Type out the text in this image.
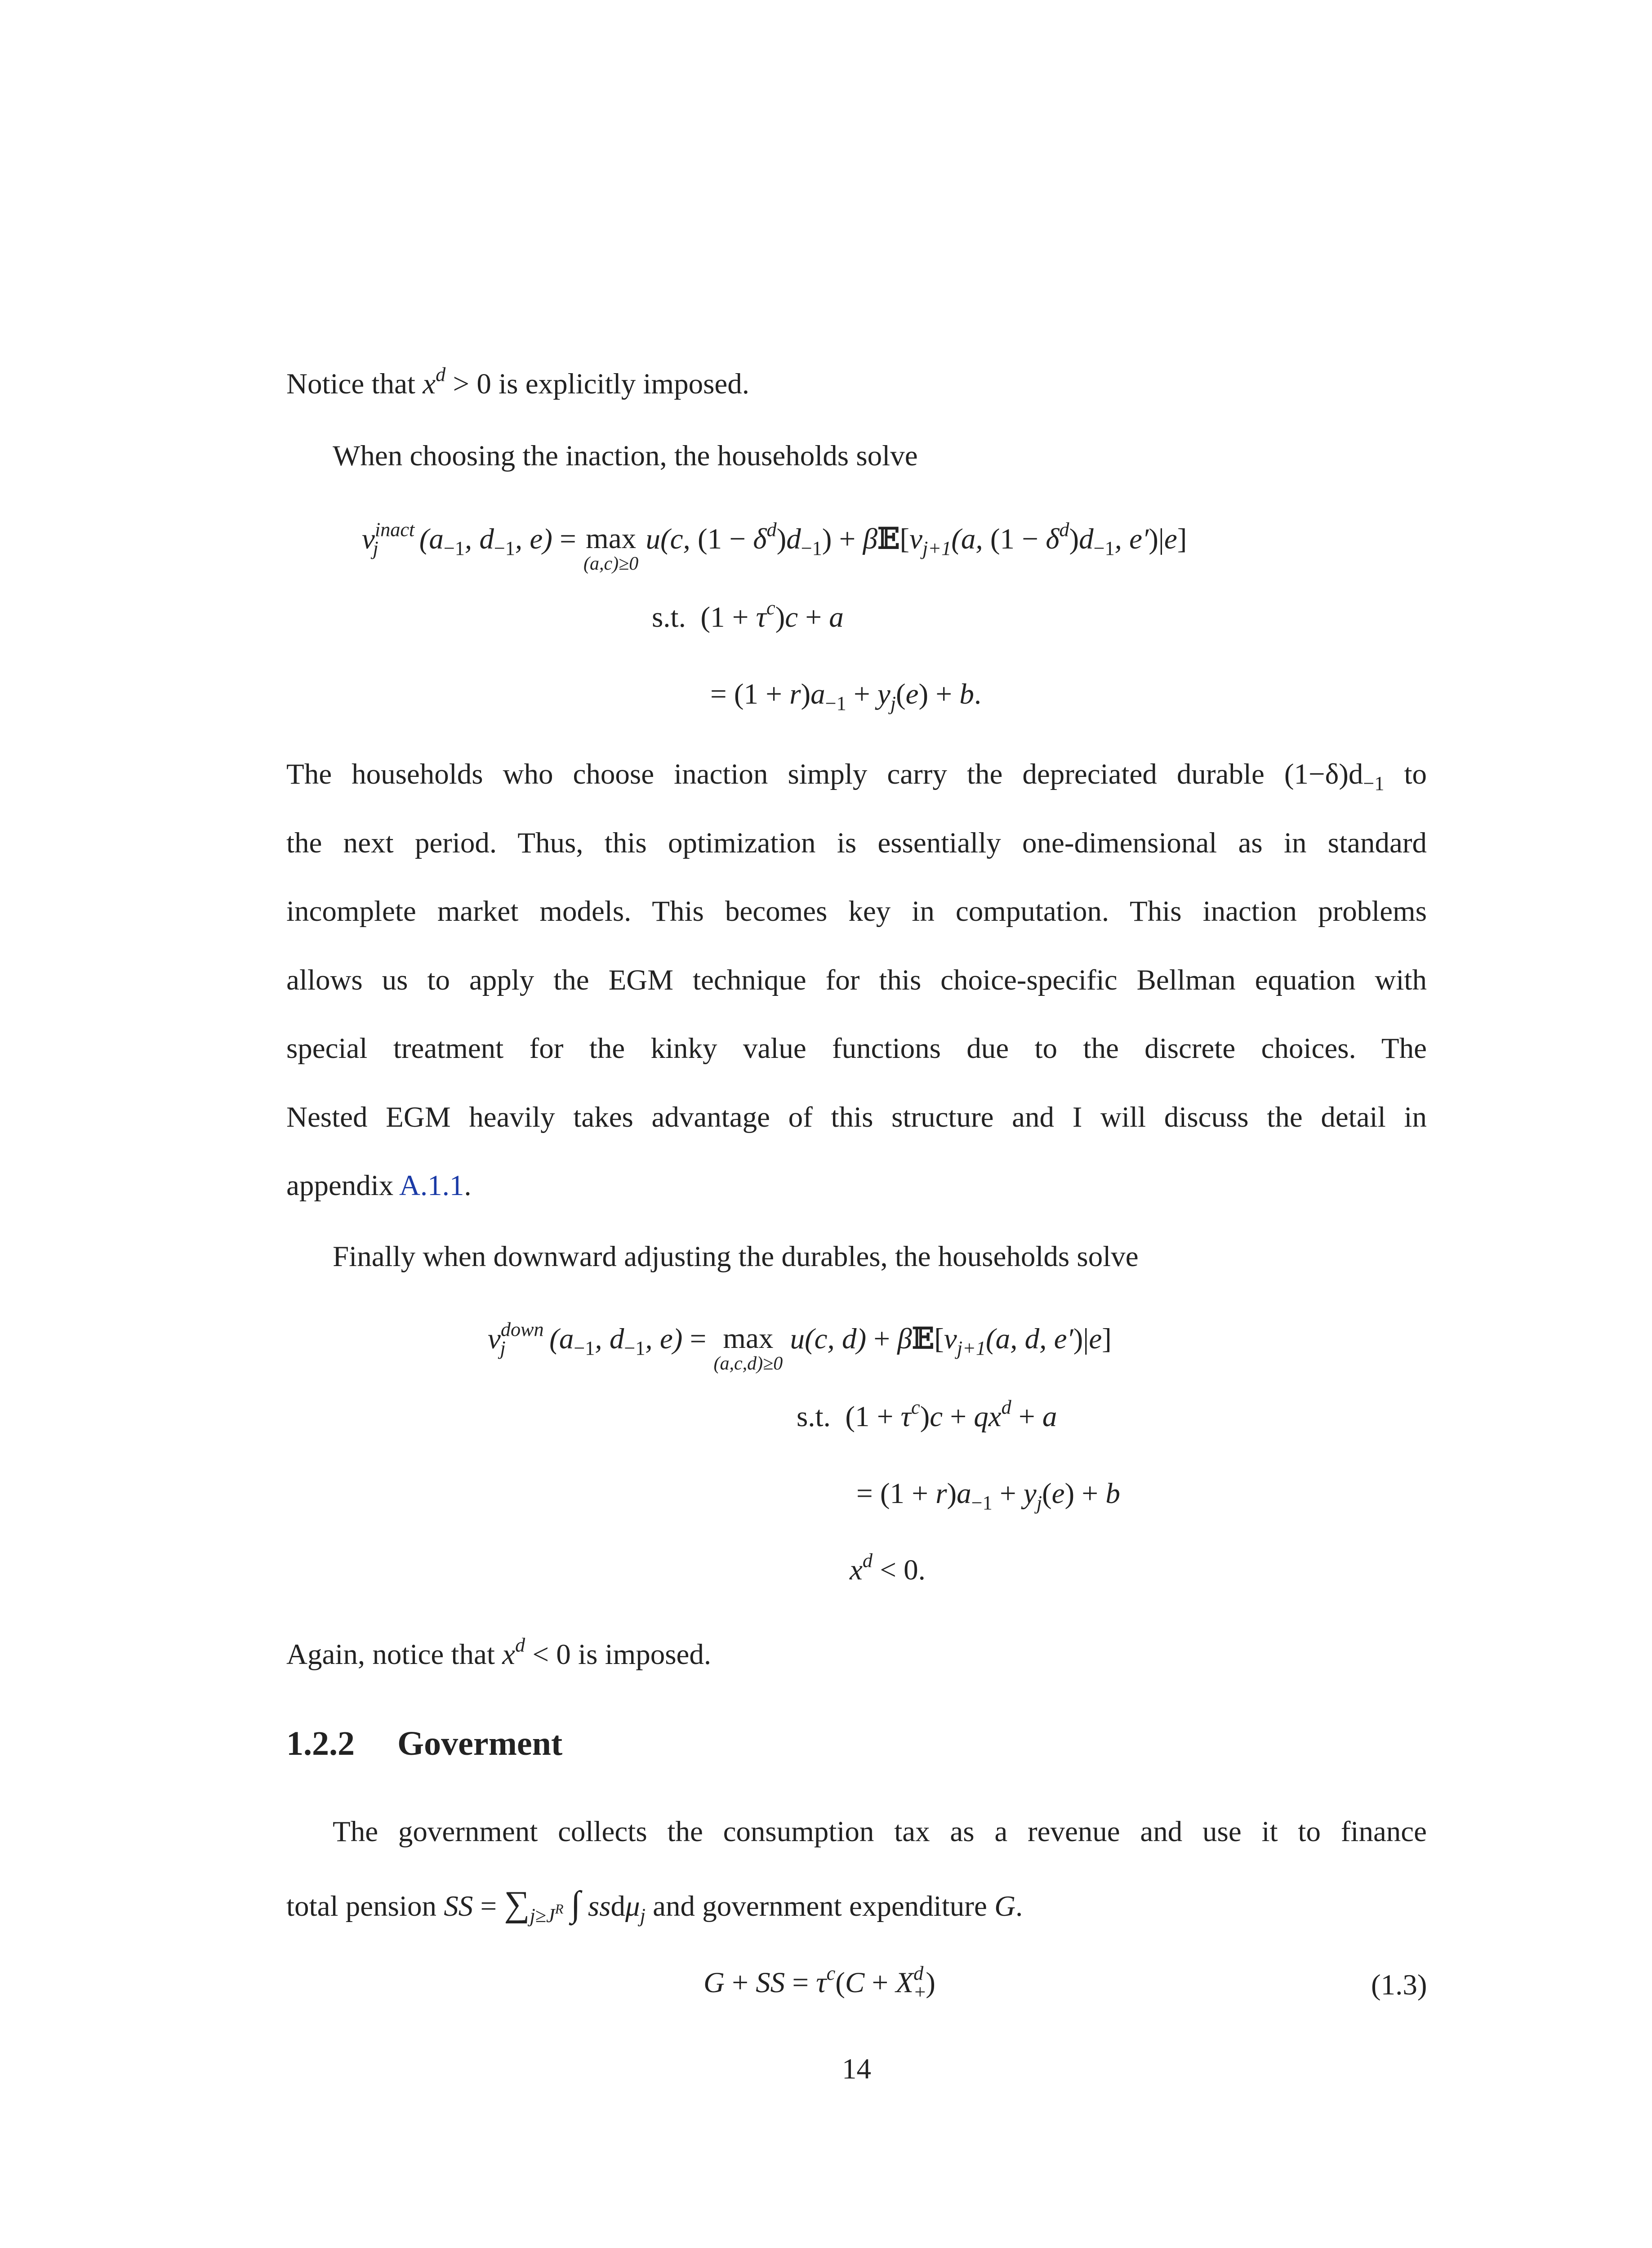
Notice that $x^d > 0$ is explicitly imposed.
When choosing the inaction, the households solve
$v^{inact}_j$ ($a_{-1}$, $d_{-1}$, e) = max
(a,c)≥0
u(c, $(1 - \delta^d)d_{-1}$) + $\beta 𝔼[v_{j+1}(a$, $(1 - \delta^d)d_{-1}$, e′)|e]
s.t.  $(1 + \tau^c)c + a$
= $(1 + r)a_{-1} + y_j(e) + b$.
The households who choose inaction simply carry the depreciated durable $(1-\delta)d_{-1}$ to
the next period. Thus, this optimization is essentially one-dimensional as in standard
incomplete market models. This becomes key in computation. This inaction problems
allows us to apply the EGM technique for this choice-specific Bellman equation with
special treatment for the kinky value functions due to the discrete choices. The
Nested EGM heavily takes advantage of this structure and I will discuss the detail in
appendix A.1.1.
Finally when downward adjusting the durables, the households solve
$v^{down}_j$ ($a_{-1}$, $d_{-1}$, e) = max
(a,c,d)≥0
u(c, $d) + \beta 𝔼[v_{j+1}(a$, d, e′)|e]
s.t.  $(1 + \tau^c)c + qx^d + a$
= $(1 + r)a_{-1} + y_j(e) + b$
$x^d < 0$.
Again, notice that $x^d < 0$ is imposed.
1.2.2 Goverment
The government collects the consumption tax as a revenue and use it to finance
total pension SS = $\sum_{j\ge J^R}$ ∫ ssdμ$_j$ and government expenditure G.
G + SS = $\tau^c(C + X^d_+)$	(1.3)
14
